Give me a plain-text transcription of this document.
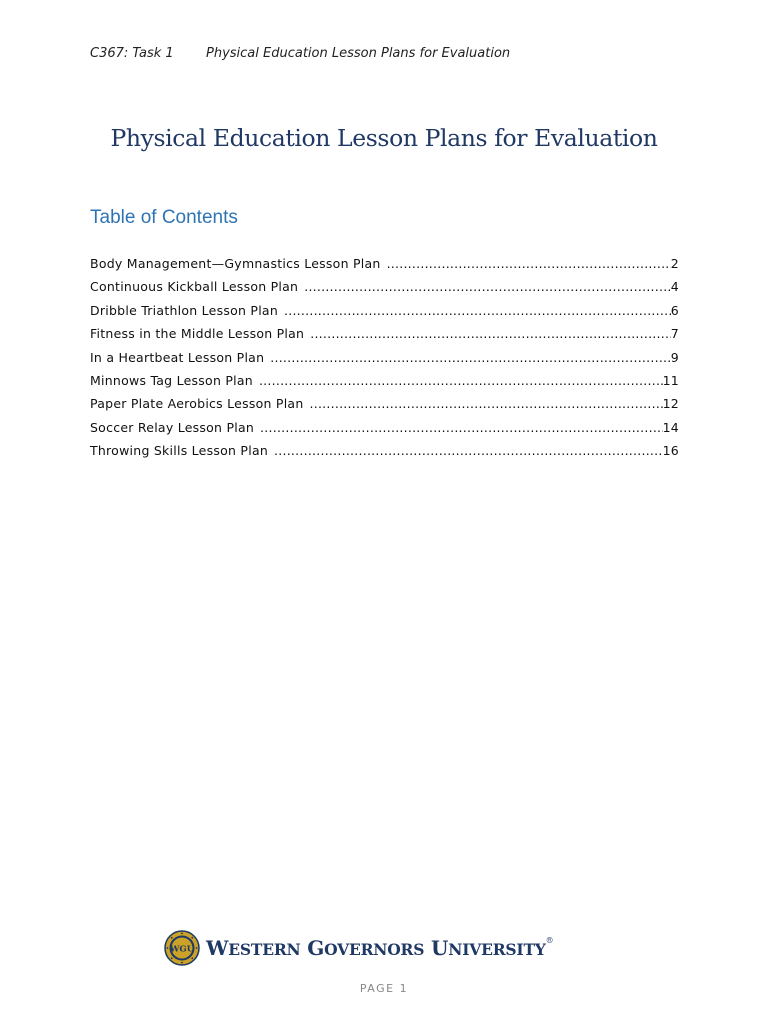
C367: Task 1 Physical Education Lesson Plans for Evaluation
Physical Education Lesson Plans for Evaluation
Table of Contents
Body Management—Gymnastics Lesson Plan .....	2
Continuous Kickball Lesson Plan .....	4
Dribble Triathlon Lesson Plan .....	6
Fitness in the Middle Lesson Plan .....	7
In a Heartbeat Lesson Plan .....	9
Minnows Tag Lesson Plan .....	11
Paper Plate Aerobics Lesson Plan .....	12
Soccer Relay Lesson Plan .....	14
Throwing Skills Lesson Plan .....	16
WGU WESTERN GOVERNORS UNIVERSITY®
PAGE 1
